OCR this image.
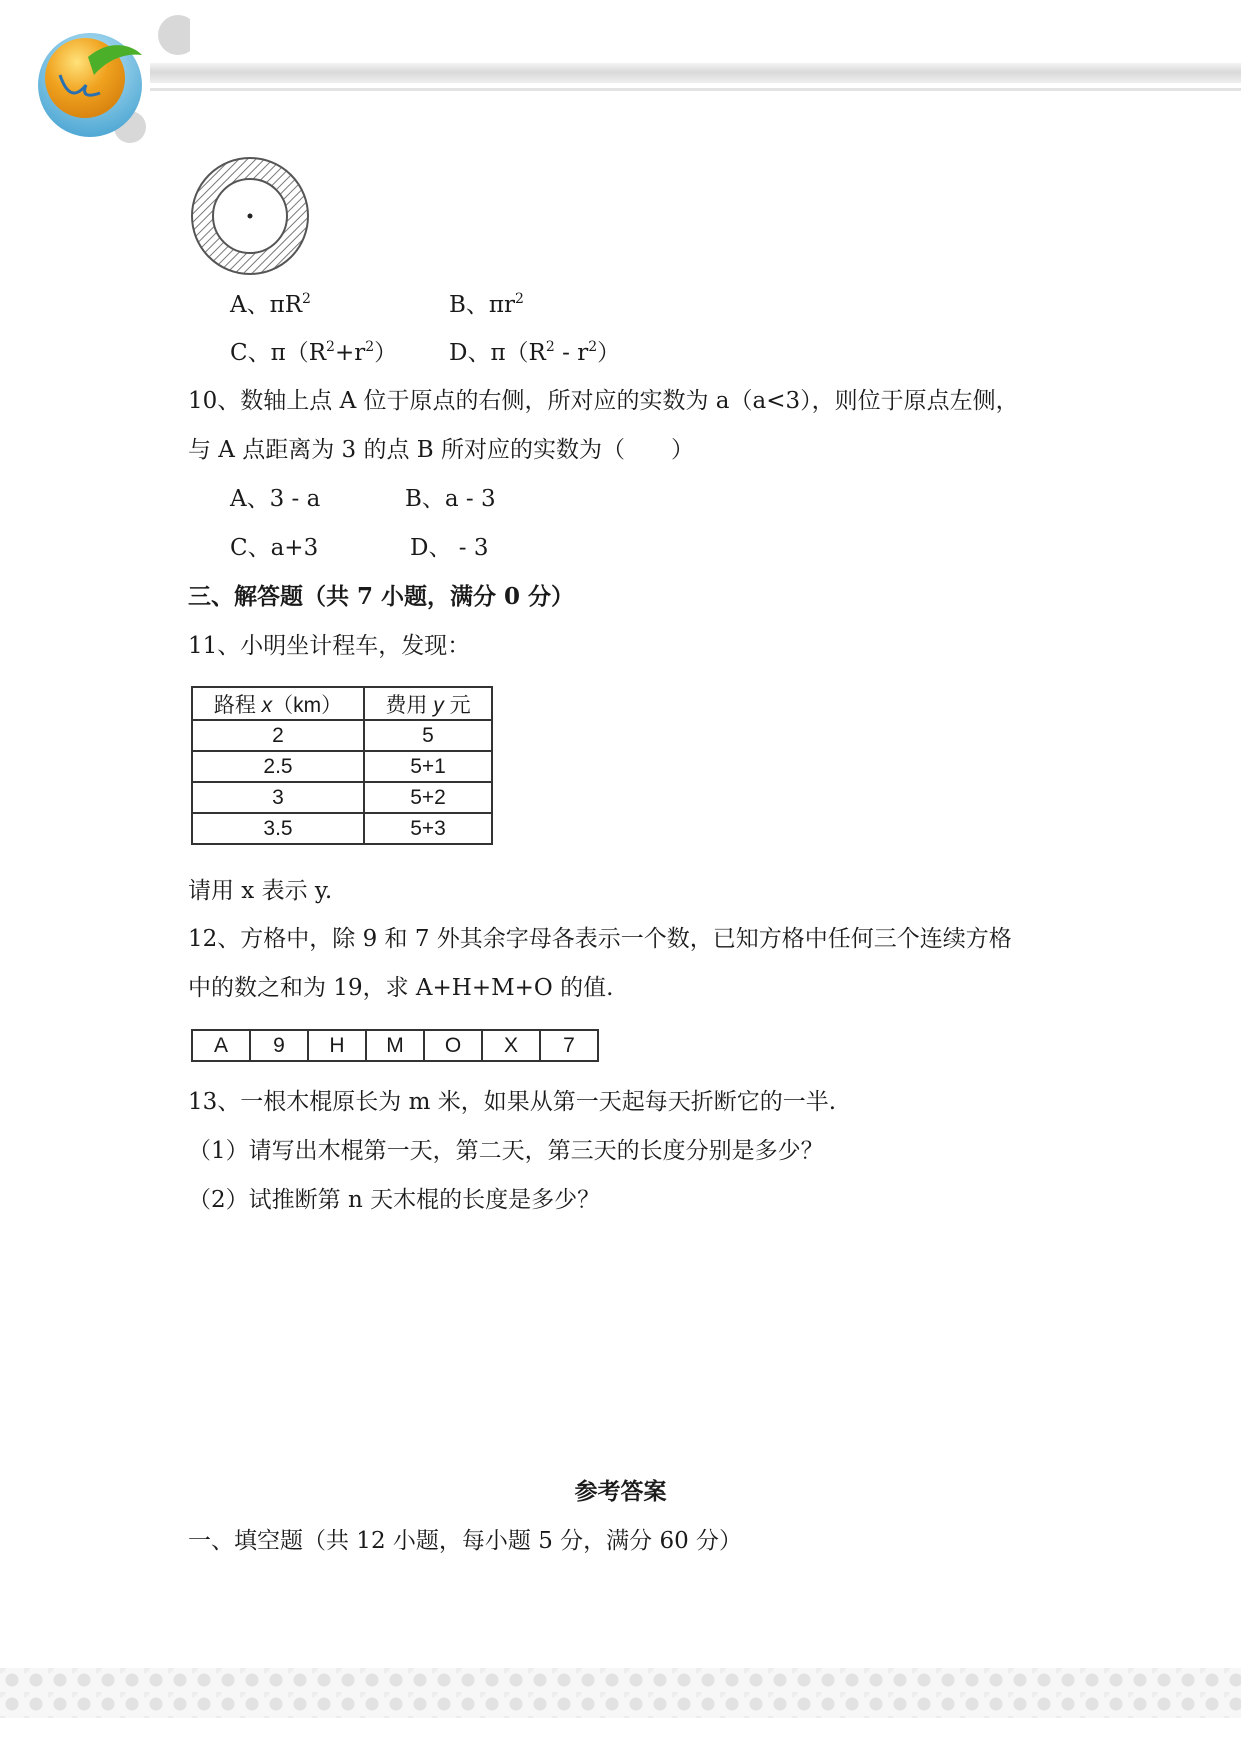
A、$\pi R^2$	B、$\pi r^2$
C、$\pi(R^2+r^2)$ D、$\pi(R^2 - r^2)$
10、数轴上点 A 位于原点的右侧，所对应的实数为 a（a<3），则位于原点左侧，
与 A 点距离为 3 的点 B 所对应的实数为（　　）
A、3 - a	B、a - 3
C、a+3	D、 - 3
三、解答题（共 7 小题，满分 0 分）
11、小明坐计程车，发现：
路程 x（km）	费用 y 元
2	5
2.5	5+1
3	5+2
3.5	5+3
请用 x 表示 y.
12、方格中，除 9 和 7 外其余字母各表示一个数，已知方格中任何三个连续方格
中的数之和为 19，求 A+H+M+O 的值.
A	9	H	M	O	X	7
13、一根木棍原长为 m 米，如果从第一天起每天折断它的一半.
（1）请写出木棍第一天，第二天，第三天的长度分别是多少？
（2）试推断第 n 天木棍的长度是多少？
参考答案
一、填空题（共 12 小题，每小题 5 分，满分 60 分）
